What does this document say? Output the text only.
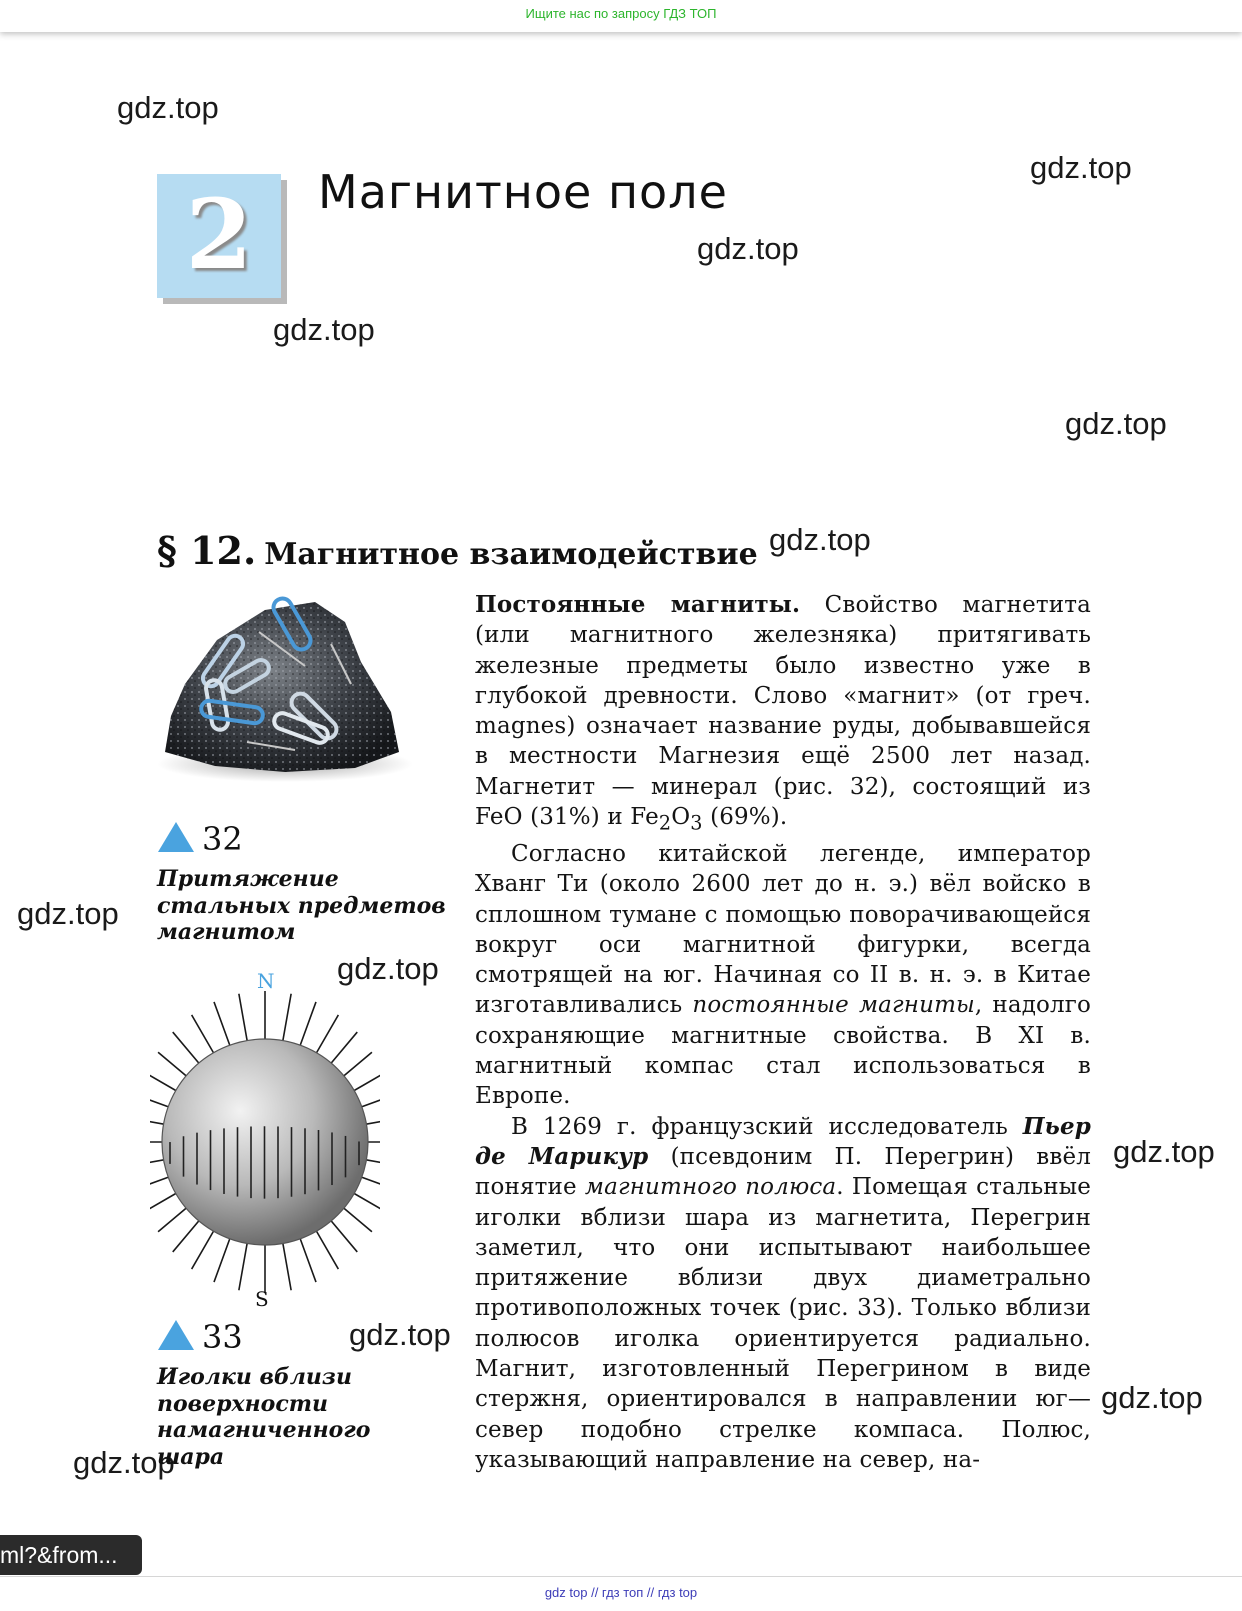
Ищите нас по запросу ГДЗ ТОП
gdz.top
gdz.top
gdz.top
gdz.top
gdz.top
gdz.top
gdz.top
gdz.top
gdz.top
gdz.top
gdz.top
gdz.top
2	Магнитное поле
§ 12. Магнитное взаимодействие
32
Притяжение
стальных предметов
магнитом
N
S
33
Иголки вблизи
поверхности
намагниченного
шара

Постоянные магниты. Свойство магнетита (или магнитного железняка) притягивать железные предметы было известно уже в глубокой древности. Слово «магнит» (от греч. magnes) означает название руды, добывавшейся в местности Магнезия ещё 2500 лет назад. Магнетит — минерал (рис. 32), состоящий из FeO (31%) и $Fe_2O_3$ (69%).

Согласно китайской легенде, император Хванг Ти (около 2600 лет до н. э.) вёл войско в сплошном тумане с помощью поворачивающейся вокруг оси магнитной фигурки, всегда смотрящей на юг. Начиная со II в. н. э. в Китае изготавливались постоянные магниты, надолго сохраняющие магнитные свойства. В XI в. магнитный компас стал использоваться в Европе.

В 1269 г. французский исследователь Пьер де Марикур (псевдоним П. Перегрин) ввёл понятие магнитного полюса. Помещая стальные иголки вблизи шара из магнетита, Перегрин заметил, что они испытывают наибольшее притяжение вблизи двух диаметрально противоположных точек (рис. 33). Только вблизи полюсов иголка ориентируется радиально. Магнит, изготовленный Перегрином в виде стержня, ориентировался в направлении юг—север подобно стрелке компаса. Полюс, указывающий направление на север, на-

ml?&from...
gdz top // гдз топ // гдз top
